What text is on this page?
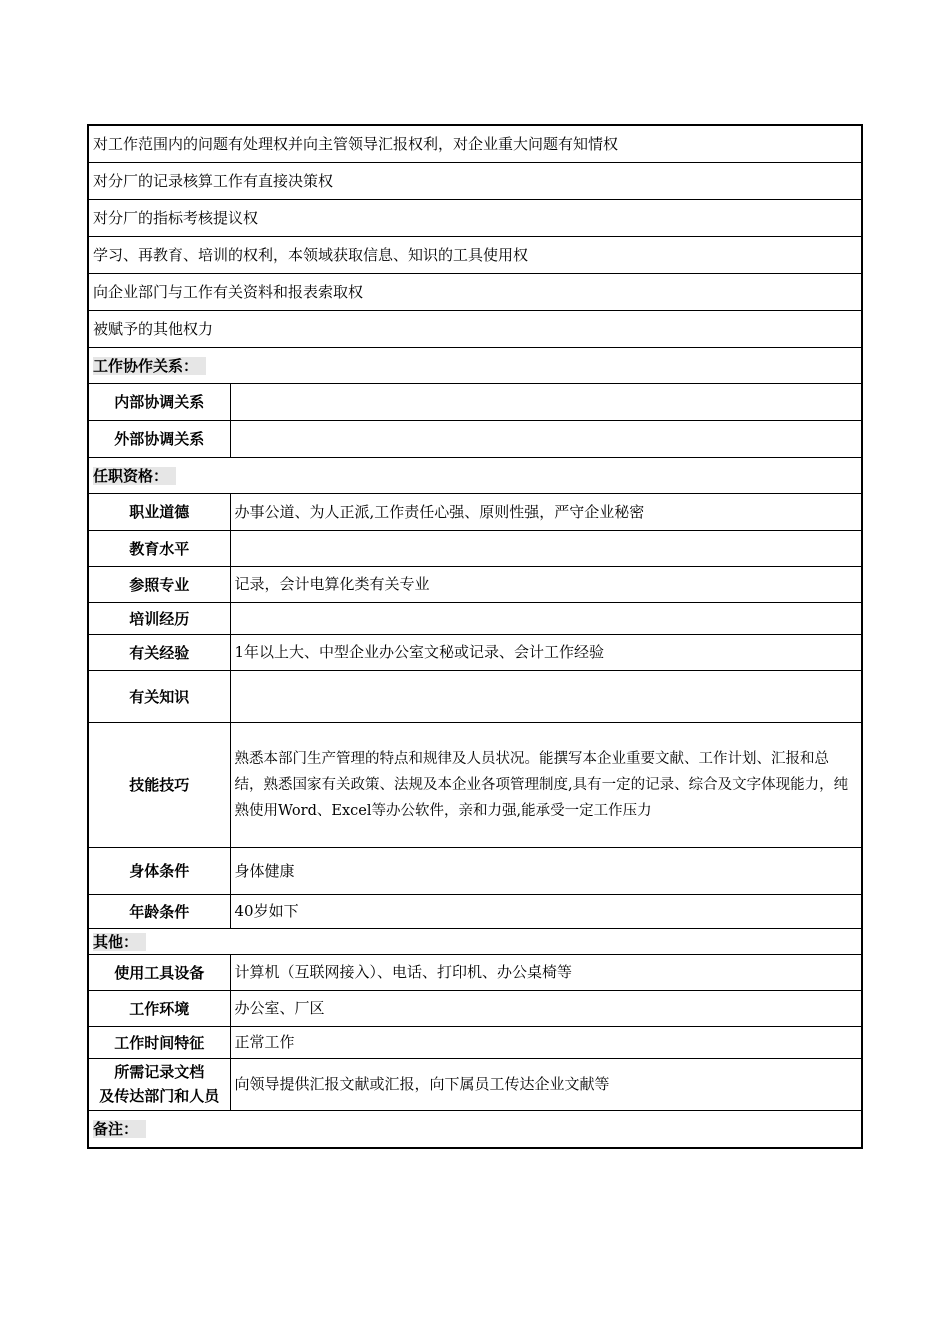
对工作范围内的问题有处理权并向主管领导汇报权利，对企业重大问题有知情权	
对分厂的记录核算工作有直接决策权	
对分厂的指标考核提议权	
学习、再教育、培训的权利，本领域获取信息、知识的工具使用权	
向企业部门与工作有关资料和报表索取权	
被赋予的其他权力	
工作协作关系：	
内部协调关系	
外部协调关系	
任职资格：	
职业道德	办事公道、为人正派,工作责任心强、原则性强，严守企业秘密
教育水平	
参照专业	记录，会计电算化类有关专业
培训经历	
有关经验	1年以上大、中型企业办公室文秘或记录、会计工作经验
有关知识	
技能技巧	熟悉本部门生产管理的特点和规律及人员状况。能撰写本企业重要文献、工作计划、汇报和总结，熟悉国家有关政策、法规及本企业各项管理制度,具有一定的记录、综合及文字体现能力，纯熟使用Word、Excel等办公软件，亲和力强,能承受一定工作压力
身体条件	身体健康
年龄条件	40岁如下
其他：	
使用工具设备	计算机（互联网接入）、电话、打印机、办公桌椅等
工作环境	办公室、厂区
工作时间特征	正常工作

所需记录文档
及传达部门和人员	向领导提供汇报文献或汇报，向下属员工传达企业文献等
备注：	
